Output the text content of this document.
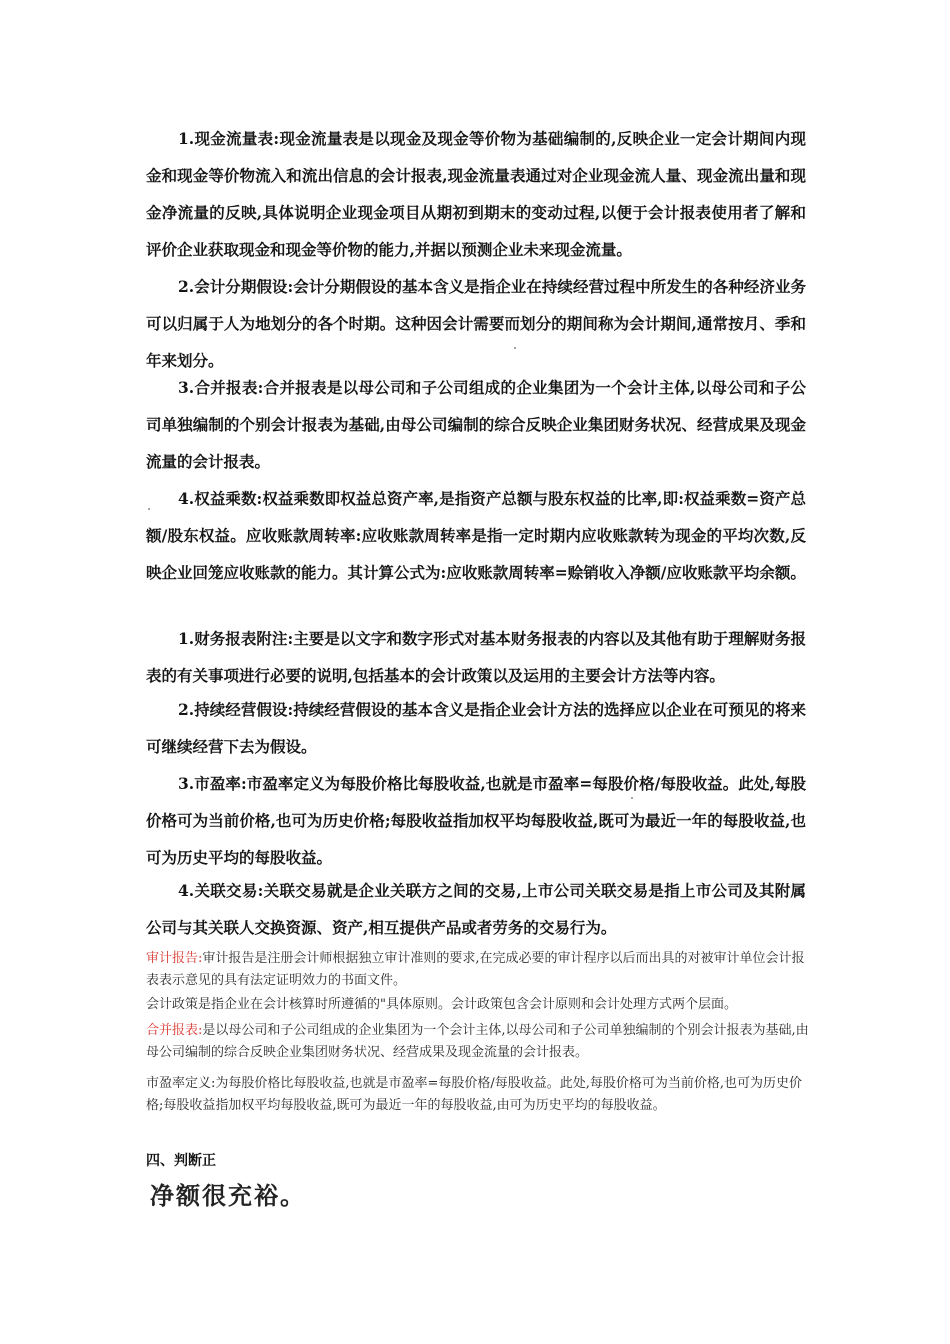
1.现金流量表:现金流量表是以现金及现金等价物为基础编制的,反映企业一定会计期间内现金和现金等价物流入和流出信息的会计报表,现金流量表通过对企业现金流人量、现金流出量和现金净流量的反映,具体说明企业现金项目从期初到期末的变动过程,以便于会计报表使用者了解和评价企业获取现金和现金等价物的能力,并据以预测企业未来现金流量。

2.会计分期假设:会计分期假设的基本含义是指企业在持续经营过程中所发生的各种经济业务可以归属于人为地划分的各个时期。这种因会计需要而划分的期间称为会计期间,通常按月、季和年来划分。

3.合并报表:合并报表是以母公司和子公司组成的企业集团为一个会计主体,以母公司和子公司单独编制的个别会计报表为基础,由母公司编制的综合反映企业集团财务状况、经营成果及现金流量的会计报表。

4.权益乘数:权益乘数即权益总资产率,是指资产总额与股东权益的比率,即:权益乘数=资产总额/股东权益。应收账款周转率:应收账款周转率是指一定时期内应收账款转为现金的平均次数,反映企业回笼应收账款的能力。其计算公式为:应收账款周转率=赊销收入净额/应收账款平均余额。

1.财务报表附注:主要是以文字和数字形式对基本财务报表的内容以及其他有助于理解财务报表的有关事项进行必要的说明,包括基本的会计政策以及运用的主要会计方法等内容。

2.持续经营假设:持续经营假设的基本含义是指企业会计方法的选择应以企业在可预见的将来可继续经营下去为假设。

3.市盈率:市盈率定义为每股价格比每股收益,也就是市盈率=每股价格/每股收益。此处,每股价格可为当前价格,也可为历史价格;每股收益指加权平均每股收益,既可为最近一年的每股收益,也可为历史平均的每股收益。

4.关联交易:关联交易就是企业关联方之间的交易,上市公司关联交易是指上市公司及其附属公司与其关联人交换资源、资产,相互提供产品或者劳务的交易行为。

审计报告:审计报告是注册会计师根据独立审计准则的要求,在完成必要的审计程序以后而出具的对被审计单位会计报表表示意见的具有法定证明效力的书面文件。

会计政策是指企业在会计核算时所遵循的"具体原则。会计政策包含会计原则和会计处理方式两个层面。

合并报表:是以母公司和子公司组成的企业集团为一个会计主体,以母公司和子公司单独编制的个别会计报表为基础,由母公司编制的综合反映企业集团财务状况、经营成果及现金流量的会计报表。

市盈率定义:为每股价格比每股收益,也就是市盈率=每股价格/每股收益。此处,每股价格可为当前价格,也可为历史价格;每股收益指加权平均每股收益,既可为最近一年的每股收益,由可为历史平均的每股收益。

四、判断正

净额很充裕。
